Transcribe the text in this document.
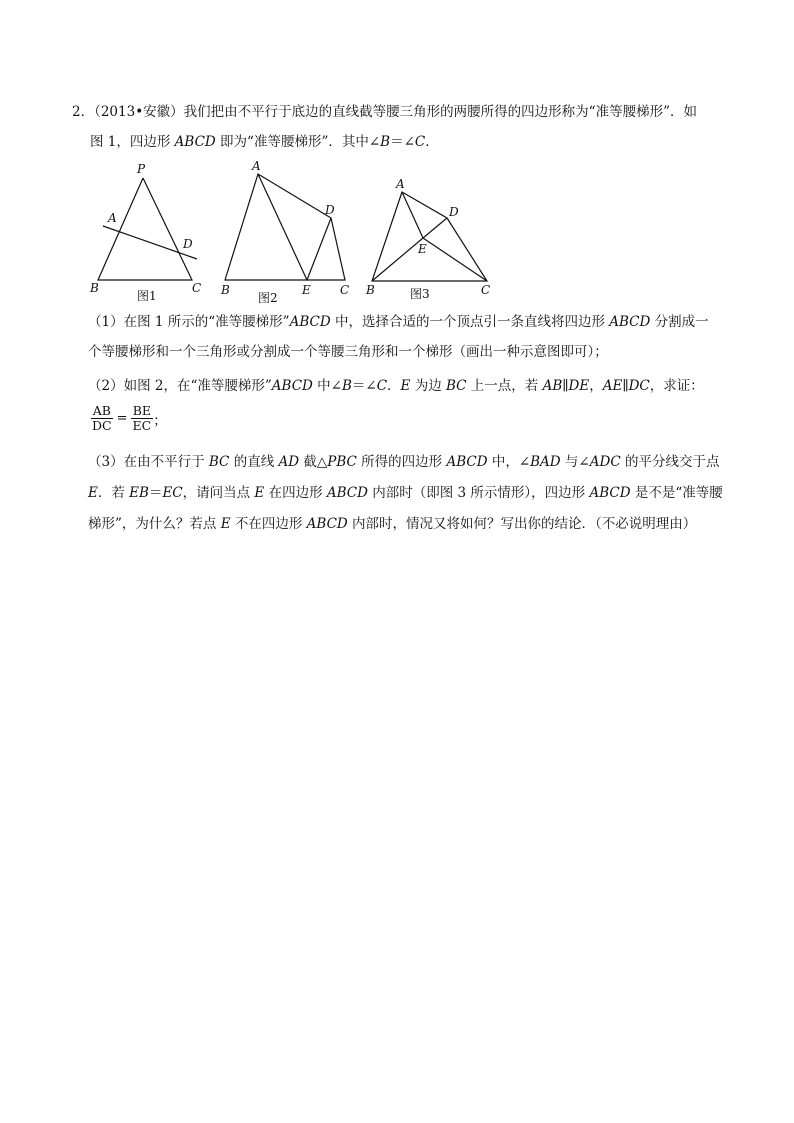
2．（2013•安徽）我们把由不平行于底边的直线截等腰三角形的两腰所得的四边形称为“准等腰梯形”．如
图 1，四边形 ABCD 即为“准等腰梯形”．其中∠B＝∠C．
P
A
D
B	C
图1
A
D
B	E C
图2
A
D
E
B	C
图3
（1）在图 1 所示的“准等腰梯形”ABCD 中，选择合适的一个顶点引一条直线将四边形 ABCD 分割成一
个等腰梯形和一个三角形或分割成一个等腰三角形和一个梯形（画出一种示意图即可）；
（2）如图 2，在“准等腰梯形”ABCD 中∠B＝∠C．E 为边 BC 上一点，若 AB∥DE，AE∥DC，求证：
$\frac{AB}{DC} = \frac{BE}{EC}$ ；
（3）在由不平行于 BC 的直线 AD 截△PBC 所得的四边形 ABCD 中，∠BAD 与∠ADC 的平分线交于点
E．若 EB＝EC，请问当点 E 在四边形 ABCD 内部时（即图 3 所示情形），四边形 ABCD 是不是“准等腰
梯形”，为什么？若点 E 不在四边形 ABCD 内部时，情况又将如何？写出你的结论．（不必说明理由）
